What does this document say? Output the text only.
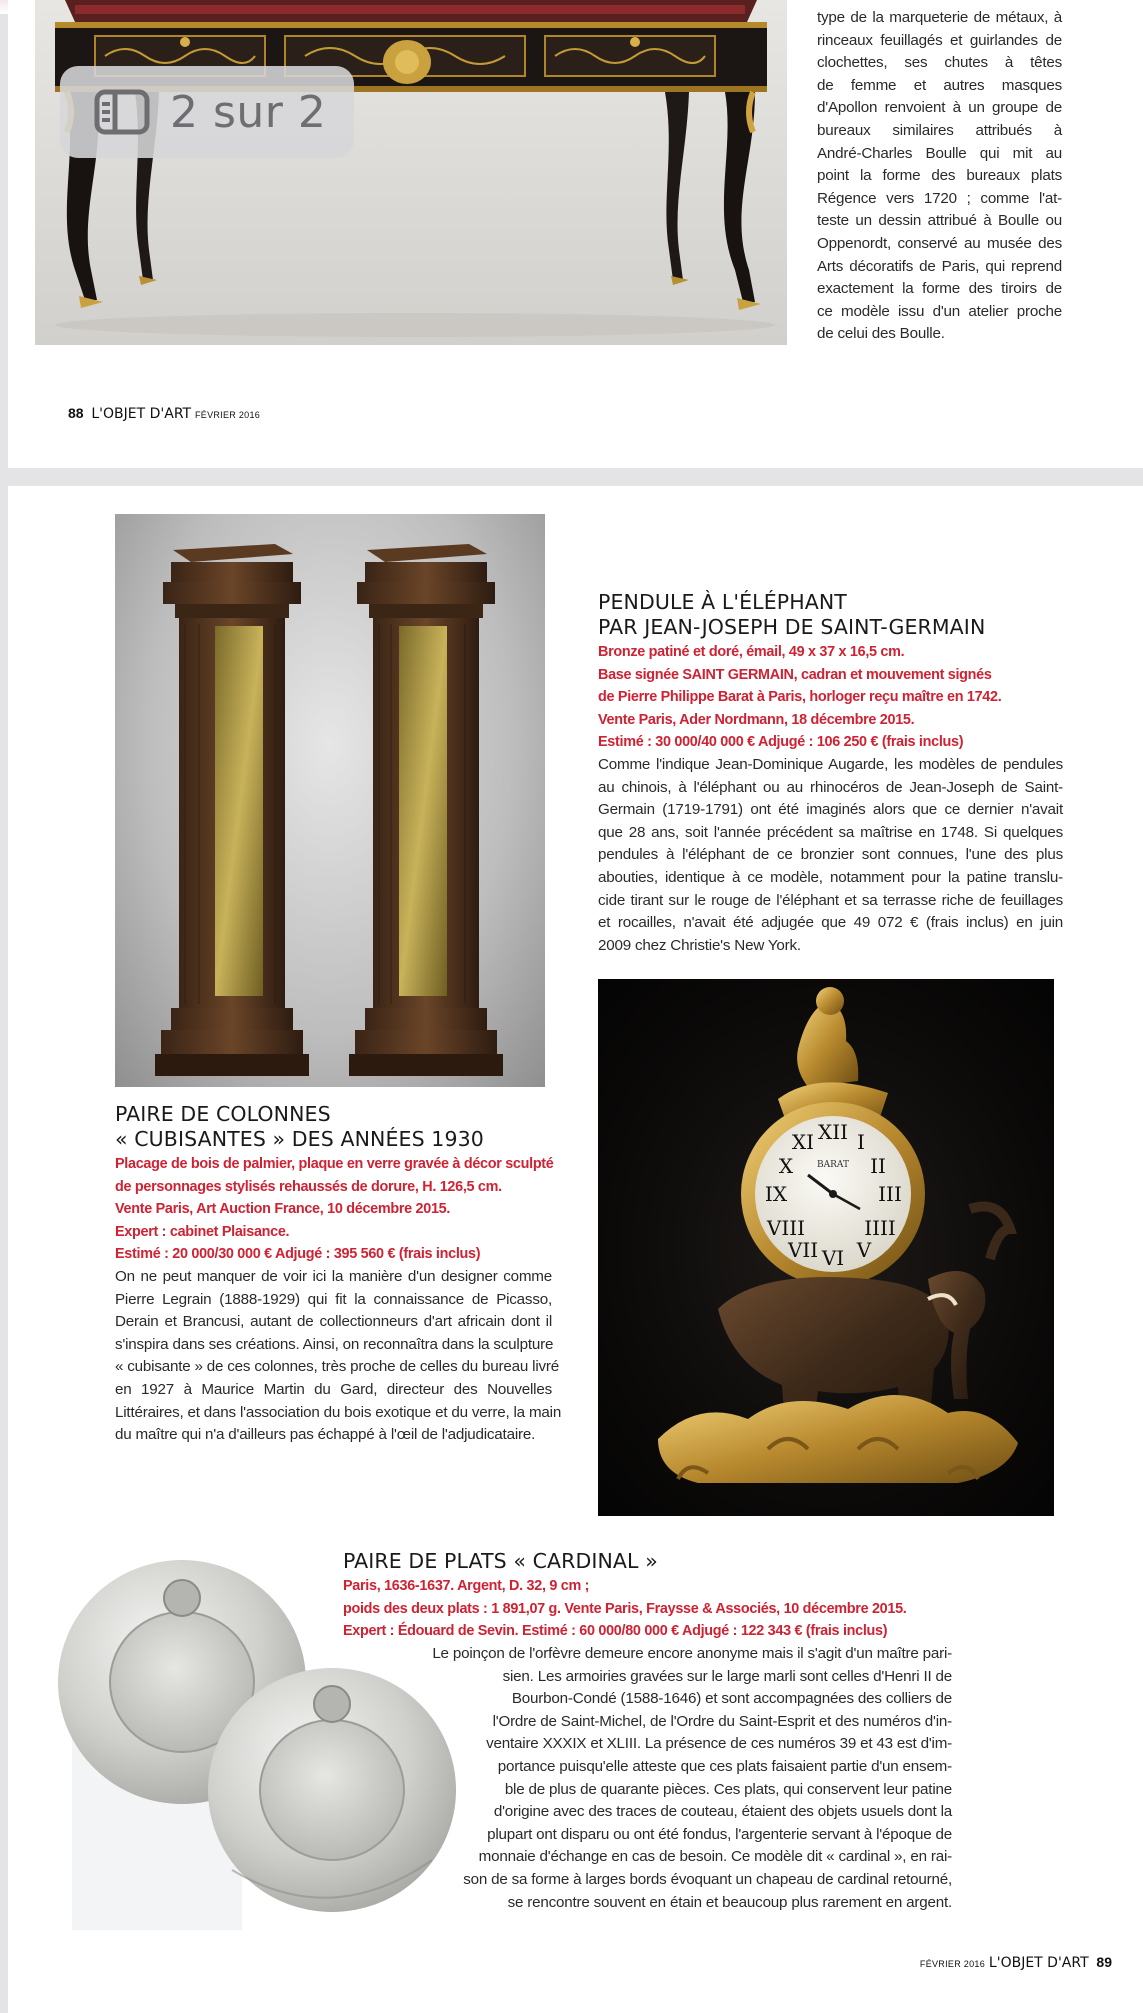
type de la marqueterie de métaux, à
rinceaux feuillagés et guirlandes de
clochettes, ses chutes à têtes
de femme et autres masques
d'Apollon renvoient à un groupe de
bureaux similaires attribués à
André-Charles Boulle qui mit au
point la forme des bureaux plats
Régence vers 1720 ; comme l'at-
teste un dessin attribué à Boulle ou
Oppenordt, conservé au musée des
Arts décoratifs de Paris, qui reprend
exactement la forme des tiroirs de
ce modèle issu d'un atelier proche
de celui des Boulle.
88 L'OBJET D'ART FÉVRIER 2016
2 sur 2
PENDULE À L'ÉLÉPHANT
PAR JEAN-JOSEPH DE SAINT-GERMAIN
Bronze patiné et doré, émail, 49 x 37 x 16,5 cm.
Base signée SAINT GERMAIN, cadran et mouvement signés
de Pierre Philippe Barat à Paris, horloger reçu maître en 1742.
Vente Paris, Ader Nordmann, 18 décembre 2015.
Estimé : 30 000/40 000 € Adjugé : 106 250 € (frais inclus)
Comme l'indique Jean-Dominique Augarde, les modèles de pendules
au chinois, à l'éléphant ou au rhinocéros de Jean-Joseph de Saint-
Germain (1719-1791) ont été imaginés alors que ce dernier n'avait
que 28 ans, soit l'année précédent sa maîtrise en 1748. Si quelques
pendules à l'éléphant de ce bronzier sont connues, l'une des plus
abouties, identique à ce modèle, notamment pour la patine translu-
cide tirant sur le rouge de l'éléphant et sa terrasse riche de feuillages
et rocailles, n'avait été adjugée que 49 072 € (frais inclus) en juin
2009 chez Christie's New York.
XII
III
VI
IX
I
II
IIII
V
VII
VIII
X
XI
BARAT
PAIRE DE COLONNES
« CUBISANTES » DES ANNÉES 1930
Placage de bois de palmier, plaque en verre gravée à décor sculpté
de personnages stylisés rehaussés de dorure, H. 126,5 cm.
Vente Paris, Art Auction France, 10 décembre 2015.
Expert : cabinet Plaisance.
Estimé : 20 000/30 000 € Adjugé : 395 560 € (frais inclus)
On ne peut manquer de voir ici la manière d'un designer comme
Pierre Legrain (1888-1929) qui fit la connaissance de Picasso,
Derain et Brancusi, autant de collectionneurs d'art africain dont il
s'inspira dans ses créations. Ainsi, on reconnaîtra dans la sculpture
« cubisante » de ces colonnes, très proche de celles du bureau livré
en 1927 à Maurice Martin du Gard, directeur des Nouvelles
Littéraires, et dans l'association du bois exotique et du verre, la main
du maître qui n'a d'ailleurs pas échappé à l'œil de l'adjudicataire.
PAIRE DE PLATS « CARDINAL »
Paris, 1636-1637. Argent, D. 32, 9 cm ;
poids des deux plats : 1 891,07 g. Vente Paris, Fraysse & Associés, 10 décembre 2015.
Expert : Édouard de Sevin. Estimé : 60 000/80 000 € Adjugé : 122 343 € (frais inclus)
Le poinçon de l'orfèvre demeure encore anonyme mais il s'agit d'un maître pari-
sien. Les armoiries gravées sur le large marli sont celles d'Henri II de
Bourbon-Condé (1588-1646) et sont accompagnées des colliers de
l'Ordre de Saint-Michel, de l'Ordre du Saint-Esprit et des numéros d'in-
ventaire XXXIX et XLIII. La présence de ces numéros 39 et 43 est d'im-
portance puisqu'elle atteste que ces plats faisaient partie d'un ensem-
ble de plus de quarante pièces. Ces plats, qui conservent leur patine
d'origine avec des traces de couteau, étaient des objets usuels dont la
plupart ont disparu ou ont été fondus, l'argenterie servant à l'époque de
monnaie d'échange en cas de besoin. Ce modèle dit « cardinal », en rai-
son de sa forme à larges bords évoquant un chapeau de cardinal retourné,
se rencontre souvent en étain et beaucoup plus rarement en argent.
FÉVRIER 2016 L'OBJET D'ART 89
